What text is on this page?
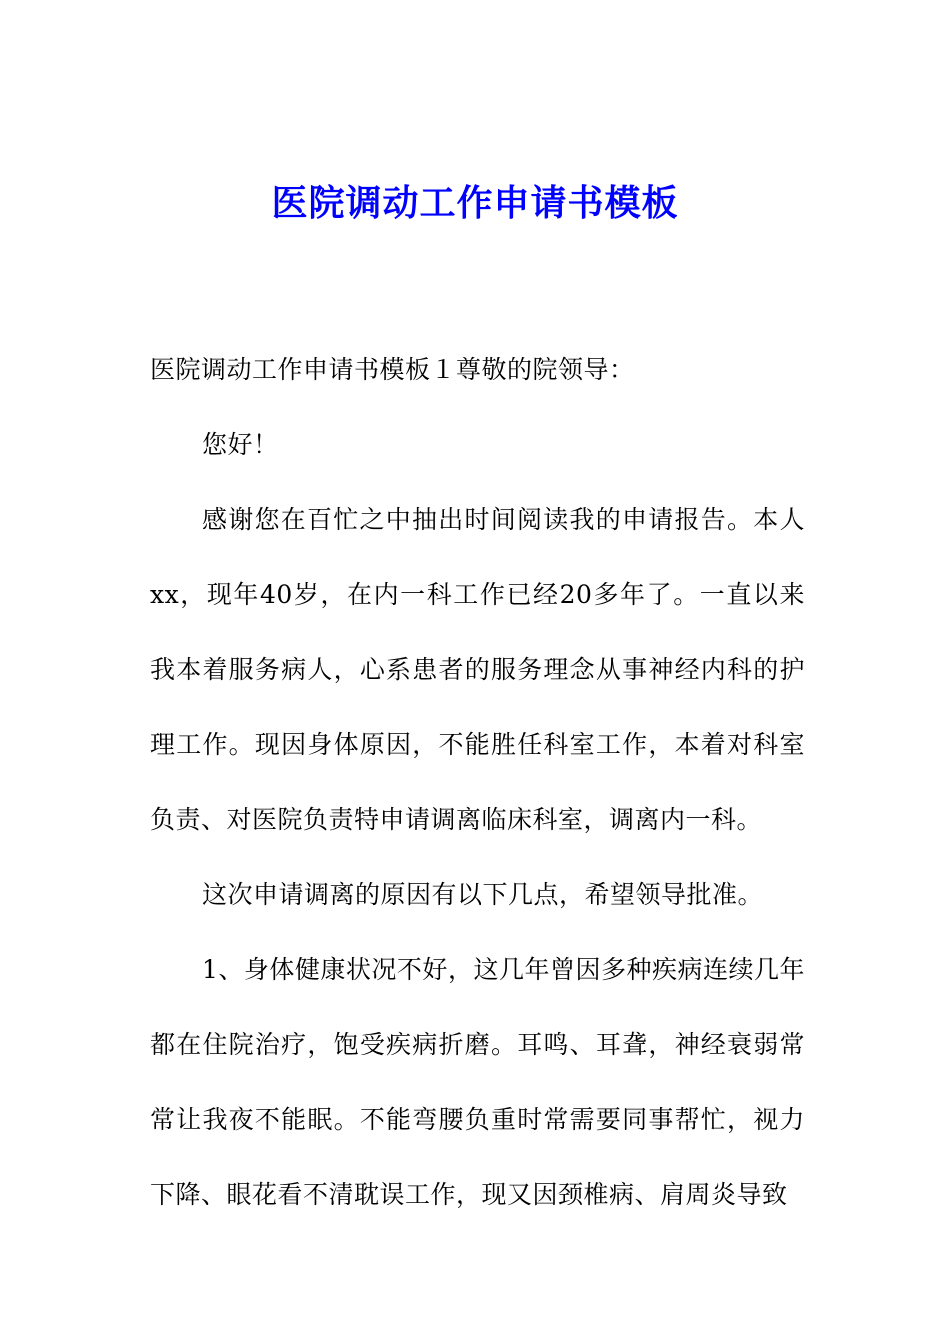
医院调动工作申请书模板

医院调动工作申请书模板１尊敬的院领导：

您好！

感谢您在百忙之中抽出时间阅读我的申请报告。本人xx，现年40岁，在内一科工作已经20多年了。一直以来我本着服务病人，心系患者的服务理念从事神经内科的护理工作。现因身体原因，不能胜任科室工作，本着对科室负责、对医院负责特申请调离临床科室，调离内一科。

这次申请调离的原因有以下几点，希望领导批准。

1、身体健康状况不好，这几年曾因多种疾病连续几年都在住院治疗，饱受疾病折磨。耳鸣、耳聋，神经衰弱常常让我夜不能眠。不能弯腰负重时常需要同事帮忙，视力下降、眼花看不清耽误工作，现又因颈椎病、肩周炎导致
